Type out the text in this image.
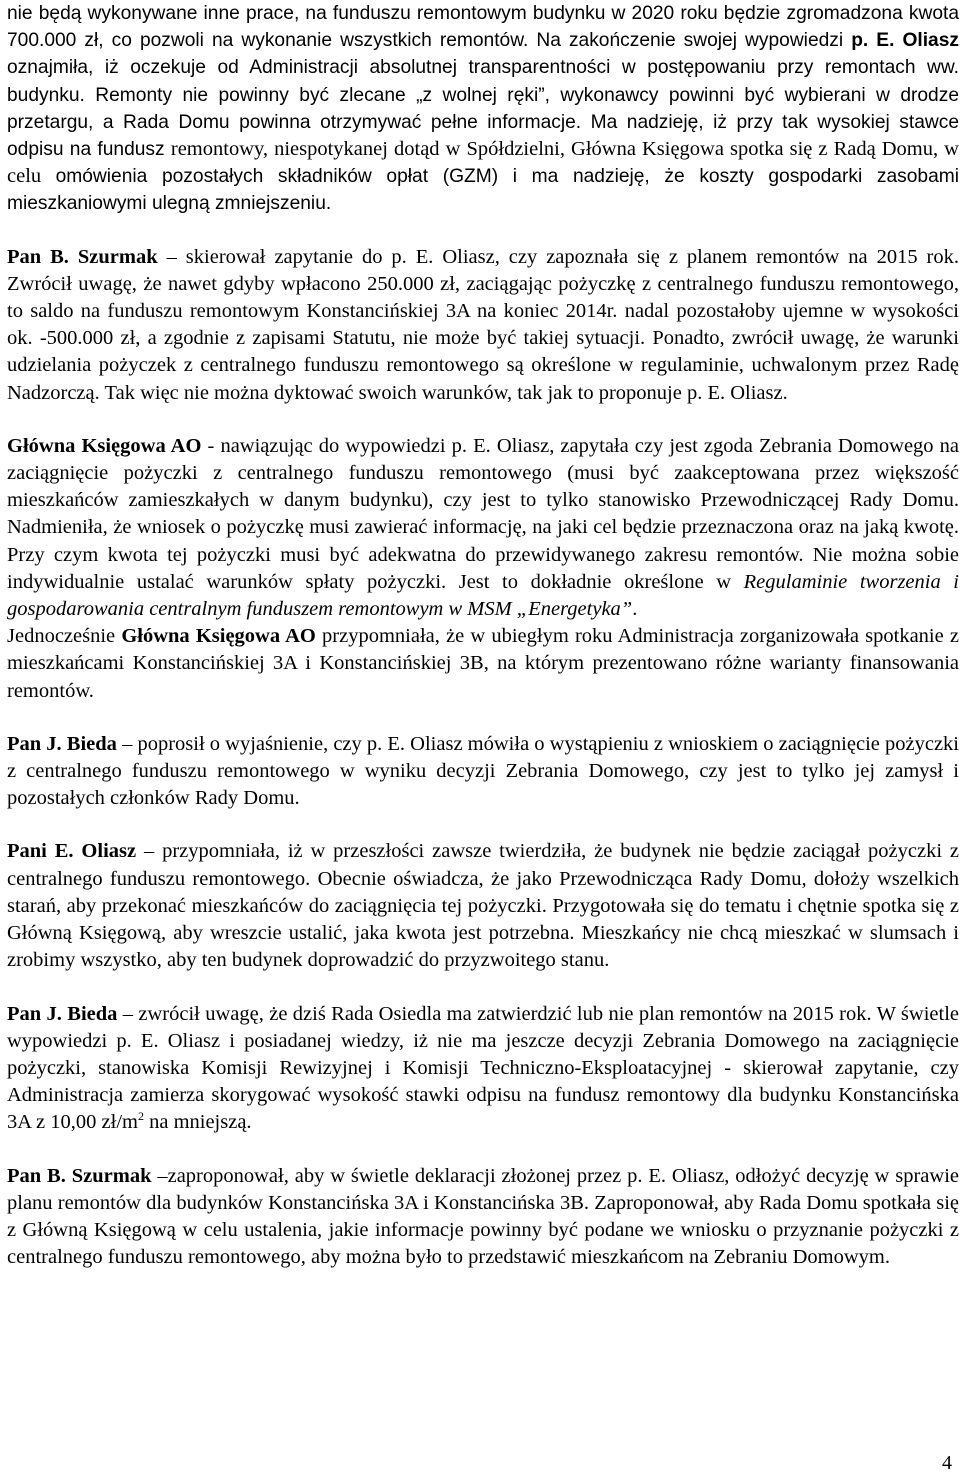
nie będą wykonywane inne prace, na funduszu remontowym budynku w 2020 roku będzie zgromadzona kwota 700.000 zł, co pozwoli na wykonanie wszystkich remontów. Na zakończenie swojej wypowiedzi p. E. Oliasz oznajmiła, iż oczekuje od Administracji absolutnej transparentności w postępowaniu przy remontach ww. budynku. Remonty nie powinny być zlecane „z wolnej ręki”, wykonawcy powinni być wybierani w drodze przetargu, a Rada Domu powinna otrzymywać pełne informacje. Ma nadzieję, iż przy tak wysokiej stawce odpisu na fundusz remontowy, niespotykanej dotąd w Spółdzielni, Główna Księgowa spotka się z Radą Domu, w celu omówienia pozostałych składników opłat (GZM) i ma nadzieję, że koszty gospodarki zasobami mieszkaniowymi ulegną zmniejszeniu.

Pan B. Szurmak – skierował zapytanie do p. E. Oliasz, czy zapoznała się z planem remontów na 2015 rok. Zwrócił uwagę, że nawet gdyby wpłacono 250.000 zł, zaciągając pożyczkę z centralnego funduszu remontowego, to saldo na funduszu remontowym Konstancińskiej 3A na koniec 2014r. nadal pozostałoby ujemne w wysokości ok. -500.000 zł, a zgodnie z zapisami Statutu, nie może być takiej sytuacji. Ponadto, zwrócił uwagę, że warunki udzielania pożyczek z centralnego funduszu remontowego są określone w regulaminie, uchwalonym przez Radę Nadzorczą. Tak więc nie można dyktować swoich warunków, tak jak to proponuje p. E. Oliasz.

Główna Księgowa AO - nawiązując do wypowiedzi p. E. Oliasz, zapytała czy jest zgoda Zebrania Domowego na zaciągnięcie pożyczki z centralnego funduszu remontowego (musi być zaakceptowana przez większość mieszkańców zamieszkałych w danym budynku), czy jest to tylko stanowisko Przewodniczącej Rady Domu. Nadmieniła, że wniosek o pożyczkę musi zawierać informację, na jaki cel będzie przeznaczona oraz na jaką kwotę. Przy czym kwota tej pożyczki musi być adekwatna do przewidywanego zakresu remontów. Nie można sobie indywidualnie ustalać warunków spłaty pożyczki. Jest to dokładnie określone w Regulaminie tworzenia i gospodarowania centralnym funduszem remontowym w MSM „Energetyka”.

Jednocześnie Główna Księgowa AO przypomniała, że w ubiegłym roku Administracja zorganizowała spotkanie z mieszkańcami Konstancińskiej 3A i Konstancińskiej 3B, na którym prezentowano różne warianty finansowania remontów.

Pan J. Bieda – poprosił o wyjaśnienie, czy p. E. Oliasz mówiła o wystąpieniu z wnioskiem o zaciągnięcie pożyczki z centralnego funduszu remontowego w wyniku decyzji Zebrania Domowego, czy jest to tylko jej zamysł i pozostałych członków Rady Domu.

Pani E. Oliasz – przypomniała, iż w przeszłości zawsze twierdziła, że budynek nie będzie zaciągał pożyczki z centralnego funduszu remontowego. Obecnie oświadcza, że jako Przewodnicząca Rady Domu, dołoży wszelkich starań, aby przekonać mieszkańców do zaciągnięcia tej pożyczki. Przygotowała się do tematu i chętnie spotka się z Główną Księgową, aby wreszcie ustalić, jaka kwota jest potrzebna. Mieszkańcy nie chcą mieszkać w slumsach i zrobimy wszystko, aby ten budynek doprowadzić do przyzwoitego stanu.

Pan J. Bieda – zwrócił uwagę, że dziś Rada Osiedla ma zatwierdzić lub nie plan remontów na 2015 rok. W świetle wypowiedzi p. E. Oliasz i posiadanej wiedzy, iż nie ma jeszcze decyzji Zebrania Domowego na zaciągnięcie pożyczki, stanowiska Komisji Rewizyjnej i Komisji Techniczno-Eksploatacyjnej - skierował zapytanie, czy Administracja zamierza skorygować wysokość stawki odpisu na fundusz remontowy dla budynku Konstancińska 3A z 10,00 $zł/m^2$ na mniejszą.

Pan B. Szurmak –zaproponował, aby w świetle deklaracji złożonej przez p. E. Oliasz, odłożyć decyzję w sprawie planu remontów dla budynków Konstancińska 3A i Konstancińska 3B. Zaproponował, aby Rada Domu spotkała się z Główną Księgową w celu ustalenia, jakie informacje powinny być podane we wniosku o przyznanie pożyczki z centralnego funduszu remontowego, aby można było to przedstawić mieszkańcom na Zebraniu Domowym.

4
